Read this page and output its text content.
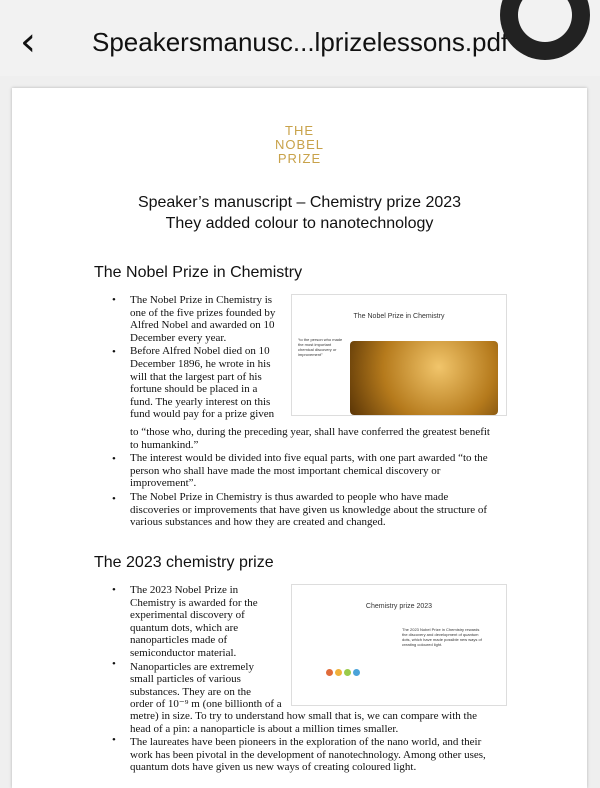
‹ Speakersmanusc...lprizelessons.pdf
THE
NOBEL
PRIZE
Speaker’s manuscript – Chemistry prize 2023
They added colour to nanotechnology
The Nobel Prize in Chemistry
•
•
•
•
The Nobel Prize in Chemistry is
one of the five prizes founded by
Alfred Nobel and awarded on 10
December every year.
Before Alfred Nobel died on 10
December 1896, he wrote in his
will that the largest part of his
fortune should be placed in a
fund. The yearly interest on this
fund would pay for a prize given
to “those who, during the preceding year, shall have conferred the greatest benefit
to humankind.”
The interest would be divided into five equal parts, with one part awarded “to the
person who shall have made the most important chemical discovery or
improvement”.
The Nobel Prize in Chemistry is thus awarded to people who have made
discoveries or improvements that have given us knowledge about the structure of
various substances and how they are created and changed.
The Nobel Prize in Chemistry
“to the person who made the most important chemical discovery or improvement”
The 2023 chemistry prize
•
•
•
The 2023 Nobel Prize in
Chemistry is awarded for the
experimental discovery of
quantum dots, which are
nanoparticles made of
semiconductor material.
Nanoparticles are extremely
small particles of various
substances. They are on the
order of 10⁻⁹ m (one billionth of a
metre) in size. To try to understand how small that is, we can compare with the
head of a pin: a nanoparticle is about a million times smaller.
The laureates have been pioneers in the exploration of the nano world, and their
work has been pivotal in the development of nanotechnology. Among other uses,
quantum dots have given us new ways of creating coloured light.
Chemistry prize 2023
The 2023 Nobel Prize in Chemistry rewards the discovery and development of quantum dots, which have made possible new ways of creating coloured light.
